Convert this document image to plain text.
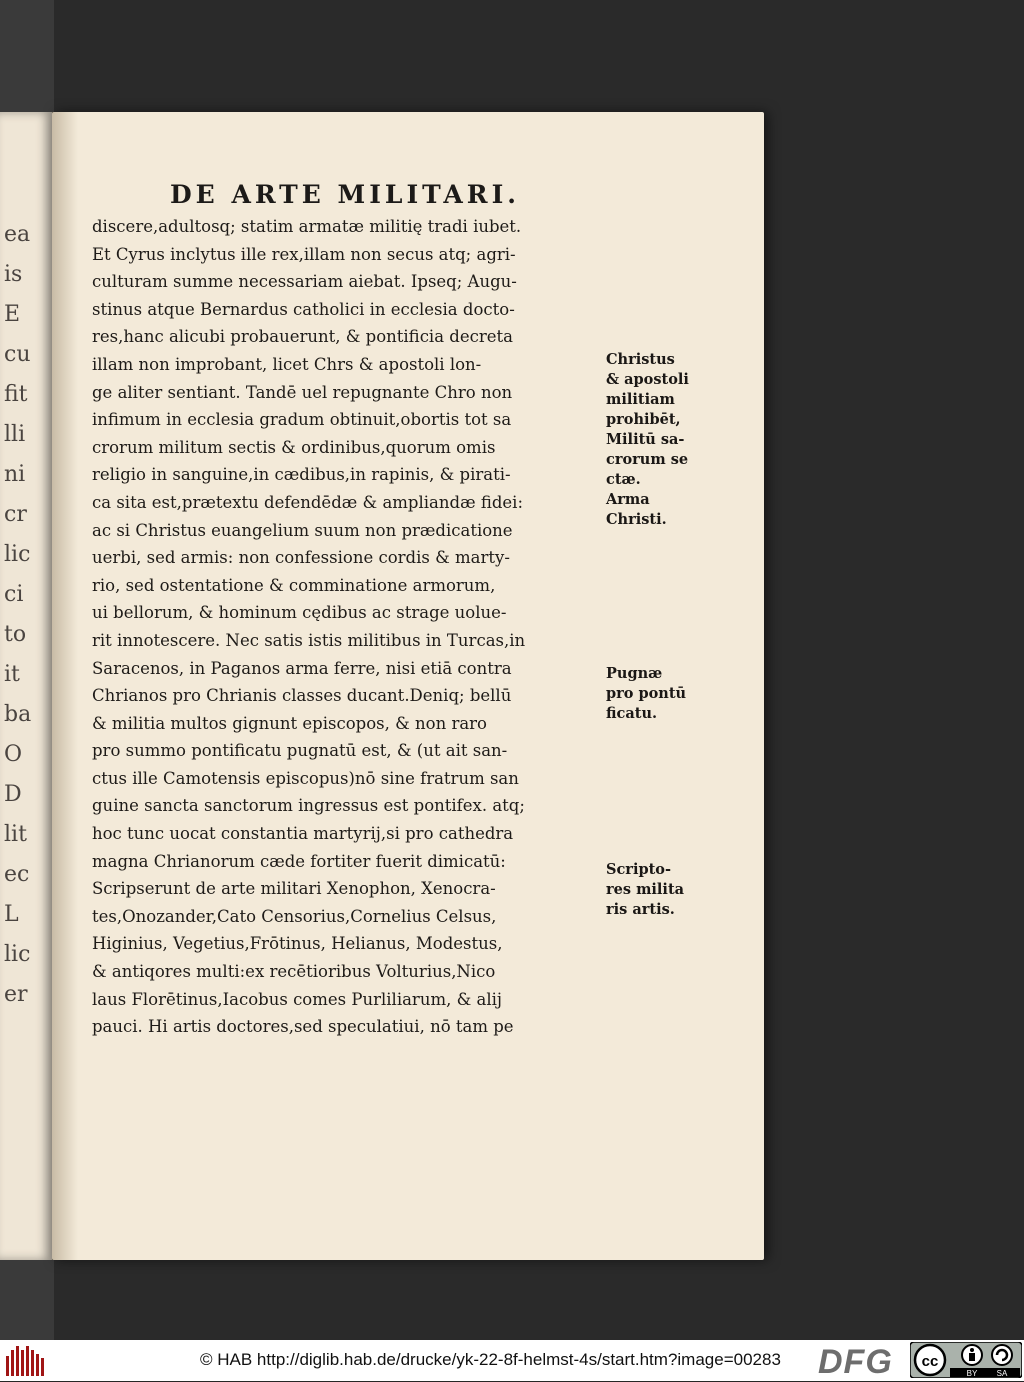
ea
is
E
cu
fit
lli
ni
cr
lic
ci
to
it
ba
O
D
lit
ec
L
lic
er
DE ARTE MILITARI.
discere,adultosq; statim armatæ militię tradi iubet.
Et Cyrus inclytus ille rex,illam non secus atq; agri-
culturam summe necessariam aiebat. Ipseq; Augu-
stinus atque Bernardus catholici in ecclesia docto-
res,hanc alicubi probauerunt, & pontificia decreta
illam non improbant, licet Chrs & apostoli lon-
ge aliter sentiant. Tandē uel repugnante Chro non
infimum in ecclesia gradum obtinuit,obortis tot sa
crorum militum sectis & ordinibus,quorum omis
religio in sanguine,in cædibus,in rapinis, & pirati-
ca sita est,prætextu defendēdæ & ampliandæ fidei:
ac si Christus euangelium suum non prædicatione
uerbi, sed armis: non confessione cordis & marty-
rio, sed ostentatione & comminatione armorum,
ui bellorum, & hominum cędibus ac strage uolue-
rit innotescere. Nec satis istis militibus in Turcas,in
Saracenos, in Paganos arma ferre, nisi etiā contra
Chrianos pro Chrianis classes ducant.Deniq; bellū
& militia multos gignunt episcopos, & non raro
pro summo pontificatu pugnatū est, & (ut ait san-
ctus ille Camotensis episcopus)nō sine fratrum san
guine sancta sanctorum ingressus est pontifex. atq;
hoc tunc uocat constantia martyrij,si pro cathedra
magna Chrianorum cæde fortiter fuerit dimicatū:
Scripserunt de arte militari Xenophon, Xenocra-
tes,Onozander,Cato Censorius,Cornelius Celsus,
Higinius, Vegetius,Frōtinus, Helianus, Modestus,
& antiqores multi:ex recētioribus Volturius,Nico
laus Florētinus,Iacobus comes Purliliarum, & alij
pauci. Hi artis doctores,sed speculatiui, nō tam pe
Christus
& apostoli
militiam
prohibēt,
Militū sa-
crorum se
ctæ.
Arma
Christi.
Pugnæ
pro pontū
ficatu.
Scripto-
res milita
ris artis.
© HAB http://diglib.hab.de/drucke/yk-22-8f-helmst-4s/start.htm?image=00283 DFG cc
BY SA
